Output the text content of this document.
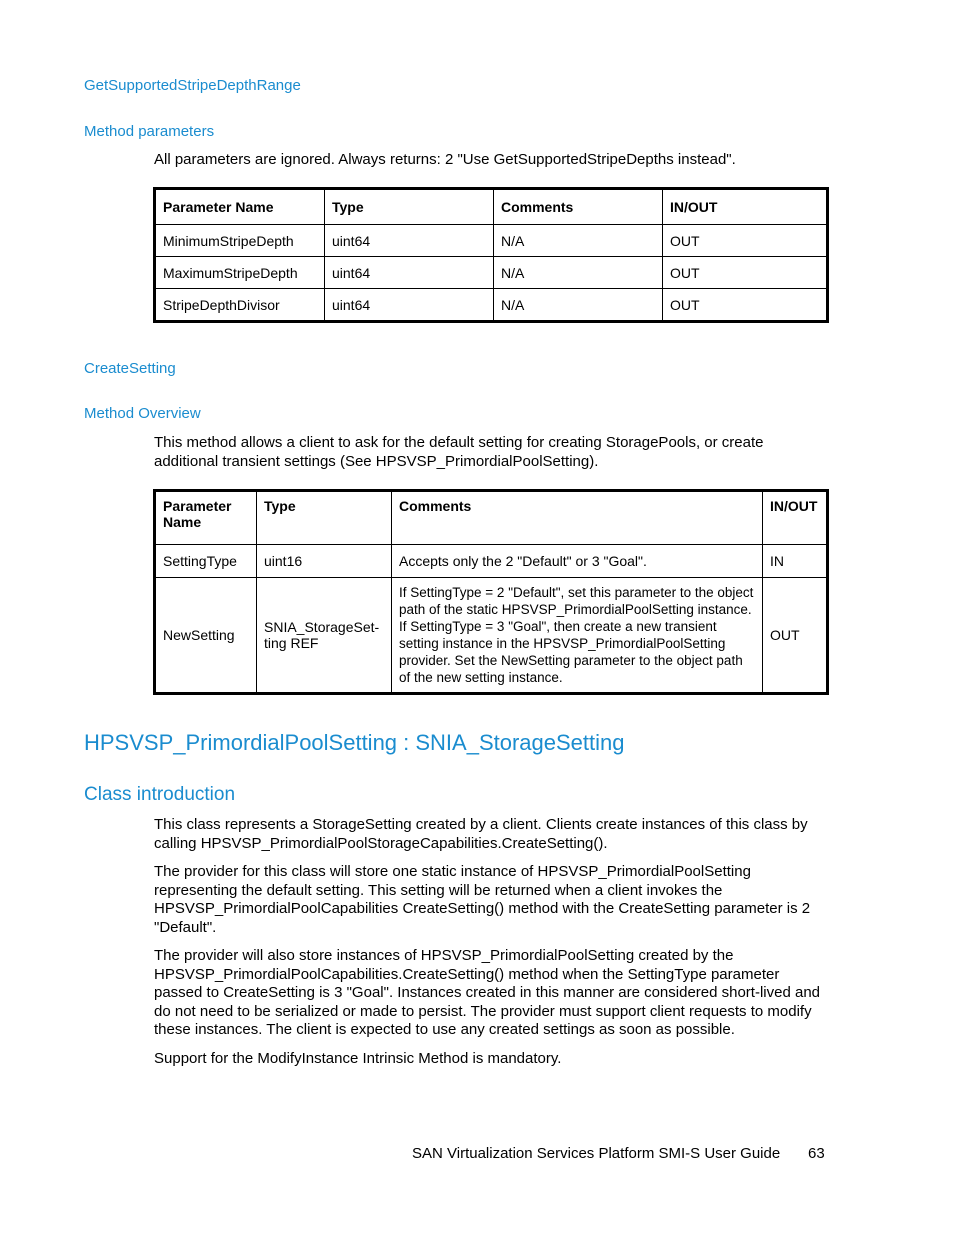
GetSupportedStripeDepthRange
Method parameters

All parameters are ignored. Always returns: 2 "Use GetSupportedStripeDepths instead".

Parameter Name	Type	Comments	IN/OUT
MinimumStripeDepth	uint64	N/A	OUT
MaximumStripeDepth	uint64	N/A	OUT
StripeDepthDivisor	uint64	N/A	OUT
CreateSetting
Method Overview

This method allows a client to ask for the default setting for creating StoragePools, or create additional transient settings (See HPSVSP_PrimordialPoolSetting).

Parameter Name	Type	Comments	IN/OUT
SettingType	uint16	Accepts only the 2 "Default" or 3 "Goal".	IN
NewSetting	SNIA_StorageSet-ting REF	If SettingType = 2 "Default", set this parameter to the object path of the static HPSVSP_PrimordialPoolSetting instance. If SettingType = 3 "Goal", then create a new transient setting instance in the HPSVSP_PrimordialPoolSetting provider. Set the NewSetting parameter to the object path of the new setting instance.	OUT
HPSVSP_PrimordialPoolSetting : SNIA_StorageSetting
Class introduction

This class represents a StorageSetting created by a client. Clients create instances of this class by calling HPSVSP_PrimordialPoolStorageCapabilities.CreateSetting().

The provider for this class will store one static instance of HPSVSP_PrimordialPoolSetting representing the default setting. This setting will be returned when a client invokes the HPSVSP_PrimordialPoolCapabilities CreateSetting() method with the CreateSetting parameter is 2 "Default".

The provider will also store instances of HPSVSP_PrimordialPoolSetting created by the HPSVSP_PrimordialPoolCapabilities.CreateSetting() method when the SettingType parameter passed to CreateSetting is 3 "Goal". Instances created in this manner are considered short-lived and do not need to be serialized or made to persist. The provider must support client requests to modify these instances. The client is expected to use any created settings as soon as possible.

Support for the ModifyInstance Intrinsic Method is mandatory.

SAN Virtualization Services Platform SMI-S User Guide 63
